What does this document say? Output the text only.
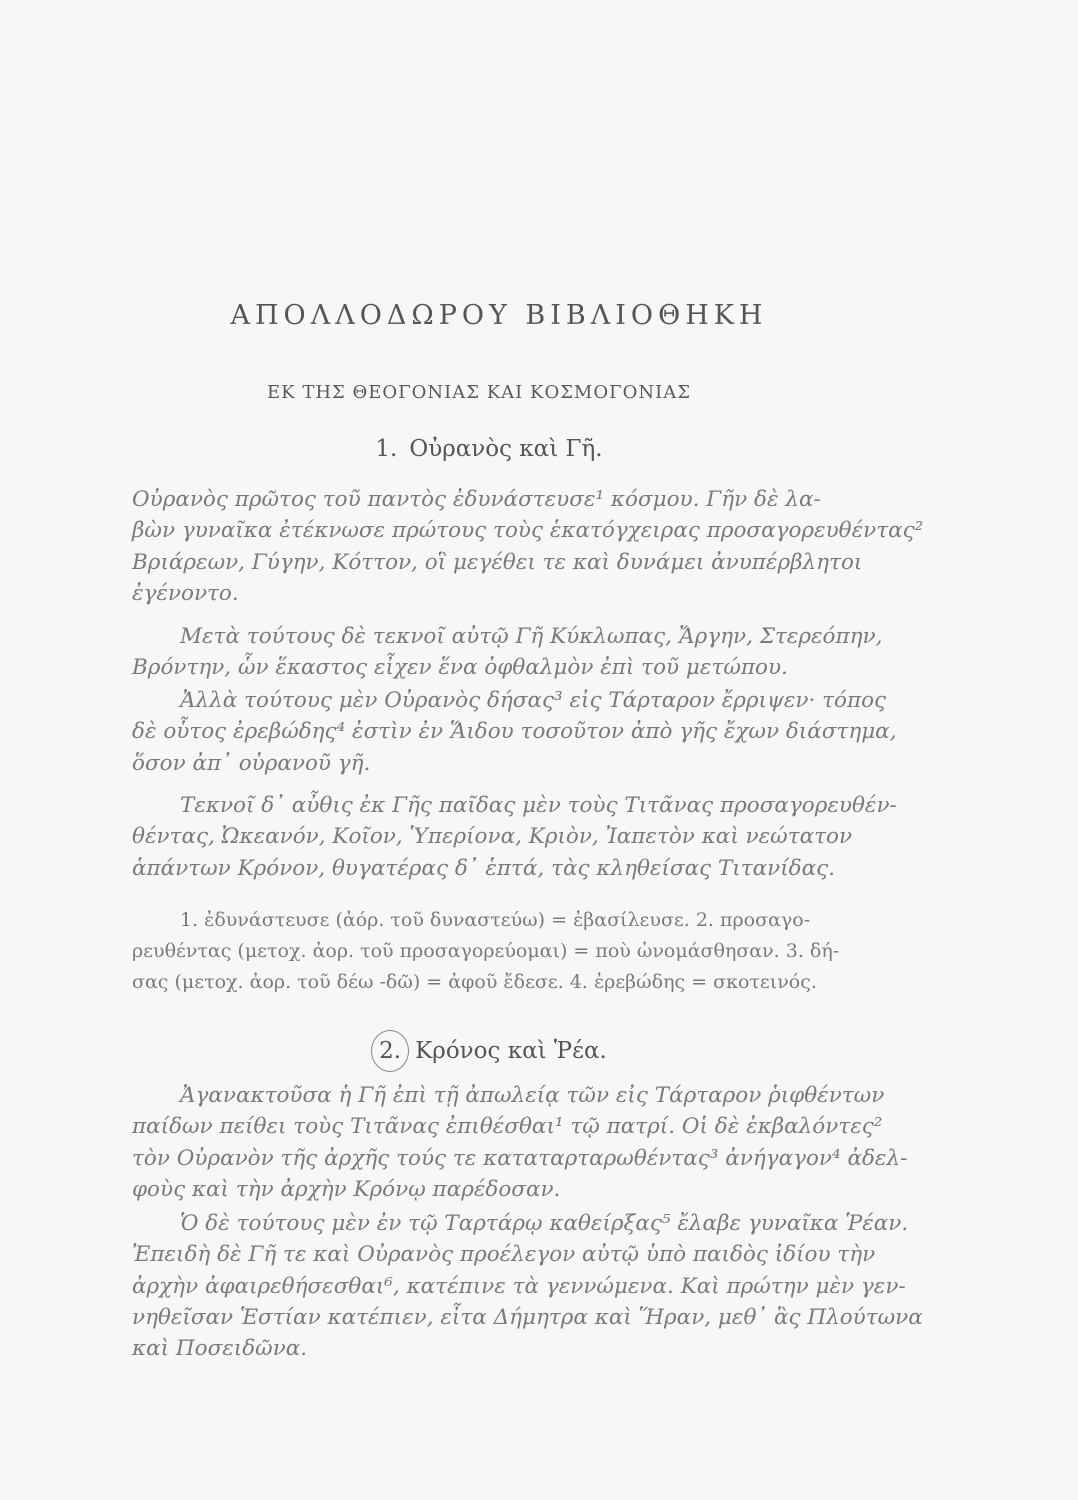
ΑΠΟΛΛΟΔΩΡΟΥ ΒΙΒΛΙΟΘΗΚΗ
ΕΚ ΤΗΣ ΘΕΟΓΟΝΙΑΣ ΚΑΙ ΚΟΣΜΟΓΟΝΙΑΣ
1. Οὐρανὸς καὶ Γῆ.
Οὐρανὸς πρῶτος τοῦ παντὸς ἐδυνάστευσε¹ κόσμου. Γῆν δὲ λα-
βὼν γυναῖκα ἐτέκνωσε πρώτους τοὺς ἑκατόγχειρας προσαγορευθέντας²
Βριάρεων, Γύγην, Κόττον, οἳ μεγέθει τε καὶ δυνάμει ἀνυπέρβλητοι
ἐγένοντο.
Μετὰ τούτους δὲ τεκνοῖ αὐτῷ Γῆ Κύκλωπας, Ἄργην, Στερεόπην,
Βρόντην, ὧν ἕκαστος εἶχεν ἕνα ὀφθαλμὸν ἐπὶ τοῦ μετώπου.
Ἀλλὰ τούτους μὲν Οὐρανὸς δήσας³ εἰς Τάρταρον ἔρριψεν· τόπος
δὲ οὗτος ἐρεβώδης⁴ ἐστὶν ἐν Ἅιδου τοσοῦτον ἀπὸ γῆς ἔχων διάστημα,
ὅσον ἀπ᾽ οὐρανοῦ γῆ.
Τεκνοῖ δ᾽ αὖθις ἐκ Γῆς παῖδας μὲν τοὺς Τιτᾶνας προσαγορευθέν-
θέντας, Ὠκεανόν, Κοῖον, Ὑπερίονα, Κριὸν, Ἰαπετὸν καὶ νεώτατον
ἁπάντων Κρόνον, θυγατέρας δ᾽ ἑπτά, τὰς κληθείσας Τιτανίδας.
1. ἐδυνάστευσε (ἀόρ. τοῦ δυναστεύω) = ἐβασίλευσε. 2. προσαγο-
ρευθέντας (μετοχ. ἀορ. τοῦ προσαγορεύομαι) = ποὺ ὠνομάσθησαν. 3. δή-
σας (μετοχ. ἀορ. τοῦ δέω -δῶ) = ἀφοῦ ἔδεσε. 4. ἐρεβώδης = σκοτεινός.
2. Κρόνος καὶ Ῥέα.
Ἀγανακτοῦσα ἡ Γῆ ἐπὶ τῇ ἀπωλείᾳ τῶν εἰς Τάρταρον ῥιφθέντων
παίδων πείθει τοὺς Τιτᾶνας ἐπιθέσθαι¹ τῷ πατρί. Οἱ δὲ ἐκβαλόντες²
τὸν Οὐρανὸν τῆς ἀρχῆς τούς τε καταταρταρωθέντας³ ἀνήγαγον⁴ ἀδελ-
φοὺς καὶ τὴν ἀρχὴν Κρόνῳ παρέδοσαν.
Ὁ δὲ τούτους μὲν ἐν τῷ Ταρτάρῳ καθείρξας⁵ ἔλαβε γυναῖκα Ῥέαν.
Ἐπειδὴ δὲ Γῆ τε καὶ Οὐρανὸς προέλεγον αὐτῷ ὑπὸ παιδὸς ἰδίου τὴν
ἀρχὴν ἀφαιρεθήσεσθαι⁶, κατέπινε τὰ γεννώμενα. Καὶ πρώτην μὲν γεν-
νηθεῖσαν Ἑστίαν κατέπιεν, εἶτα Δήμητρα καὶ Ἥραν, μεθ᾽ ἃς Πλούτωνα
καὶ Ποσειδῶνα.
